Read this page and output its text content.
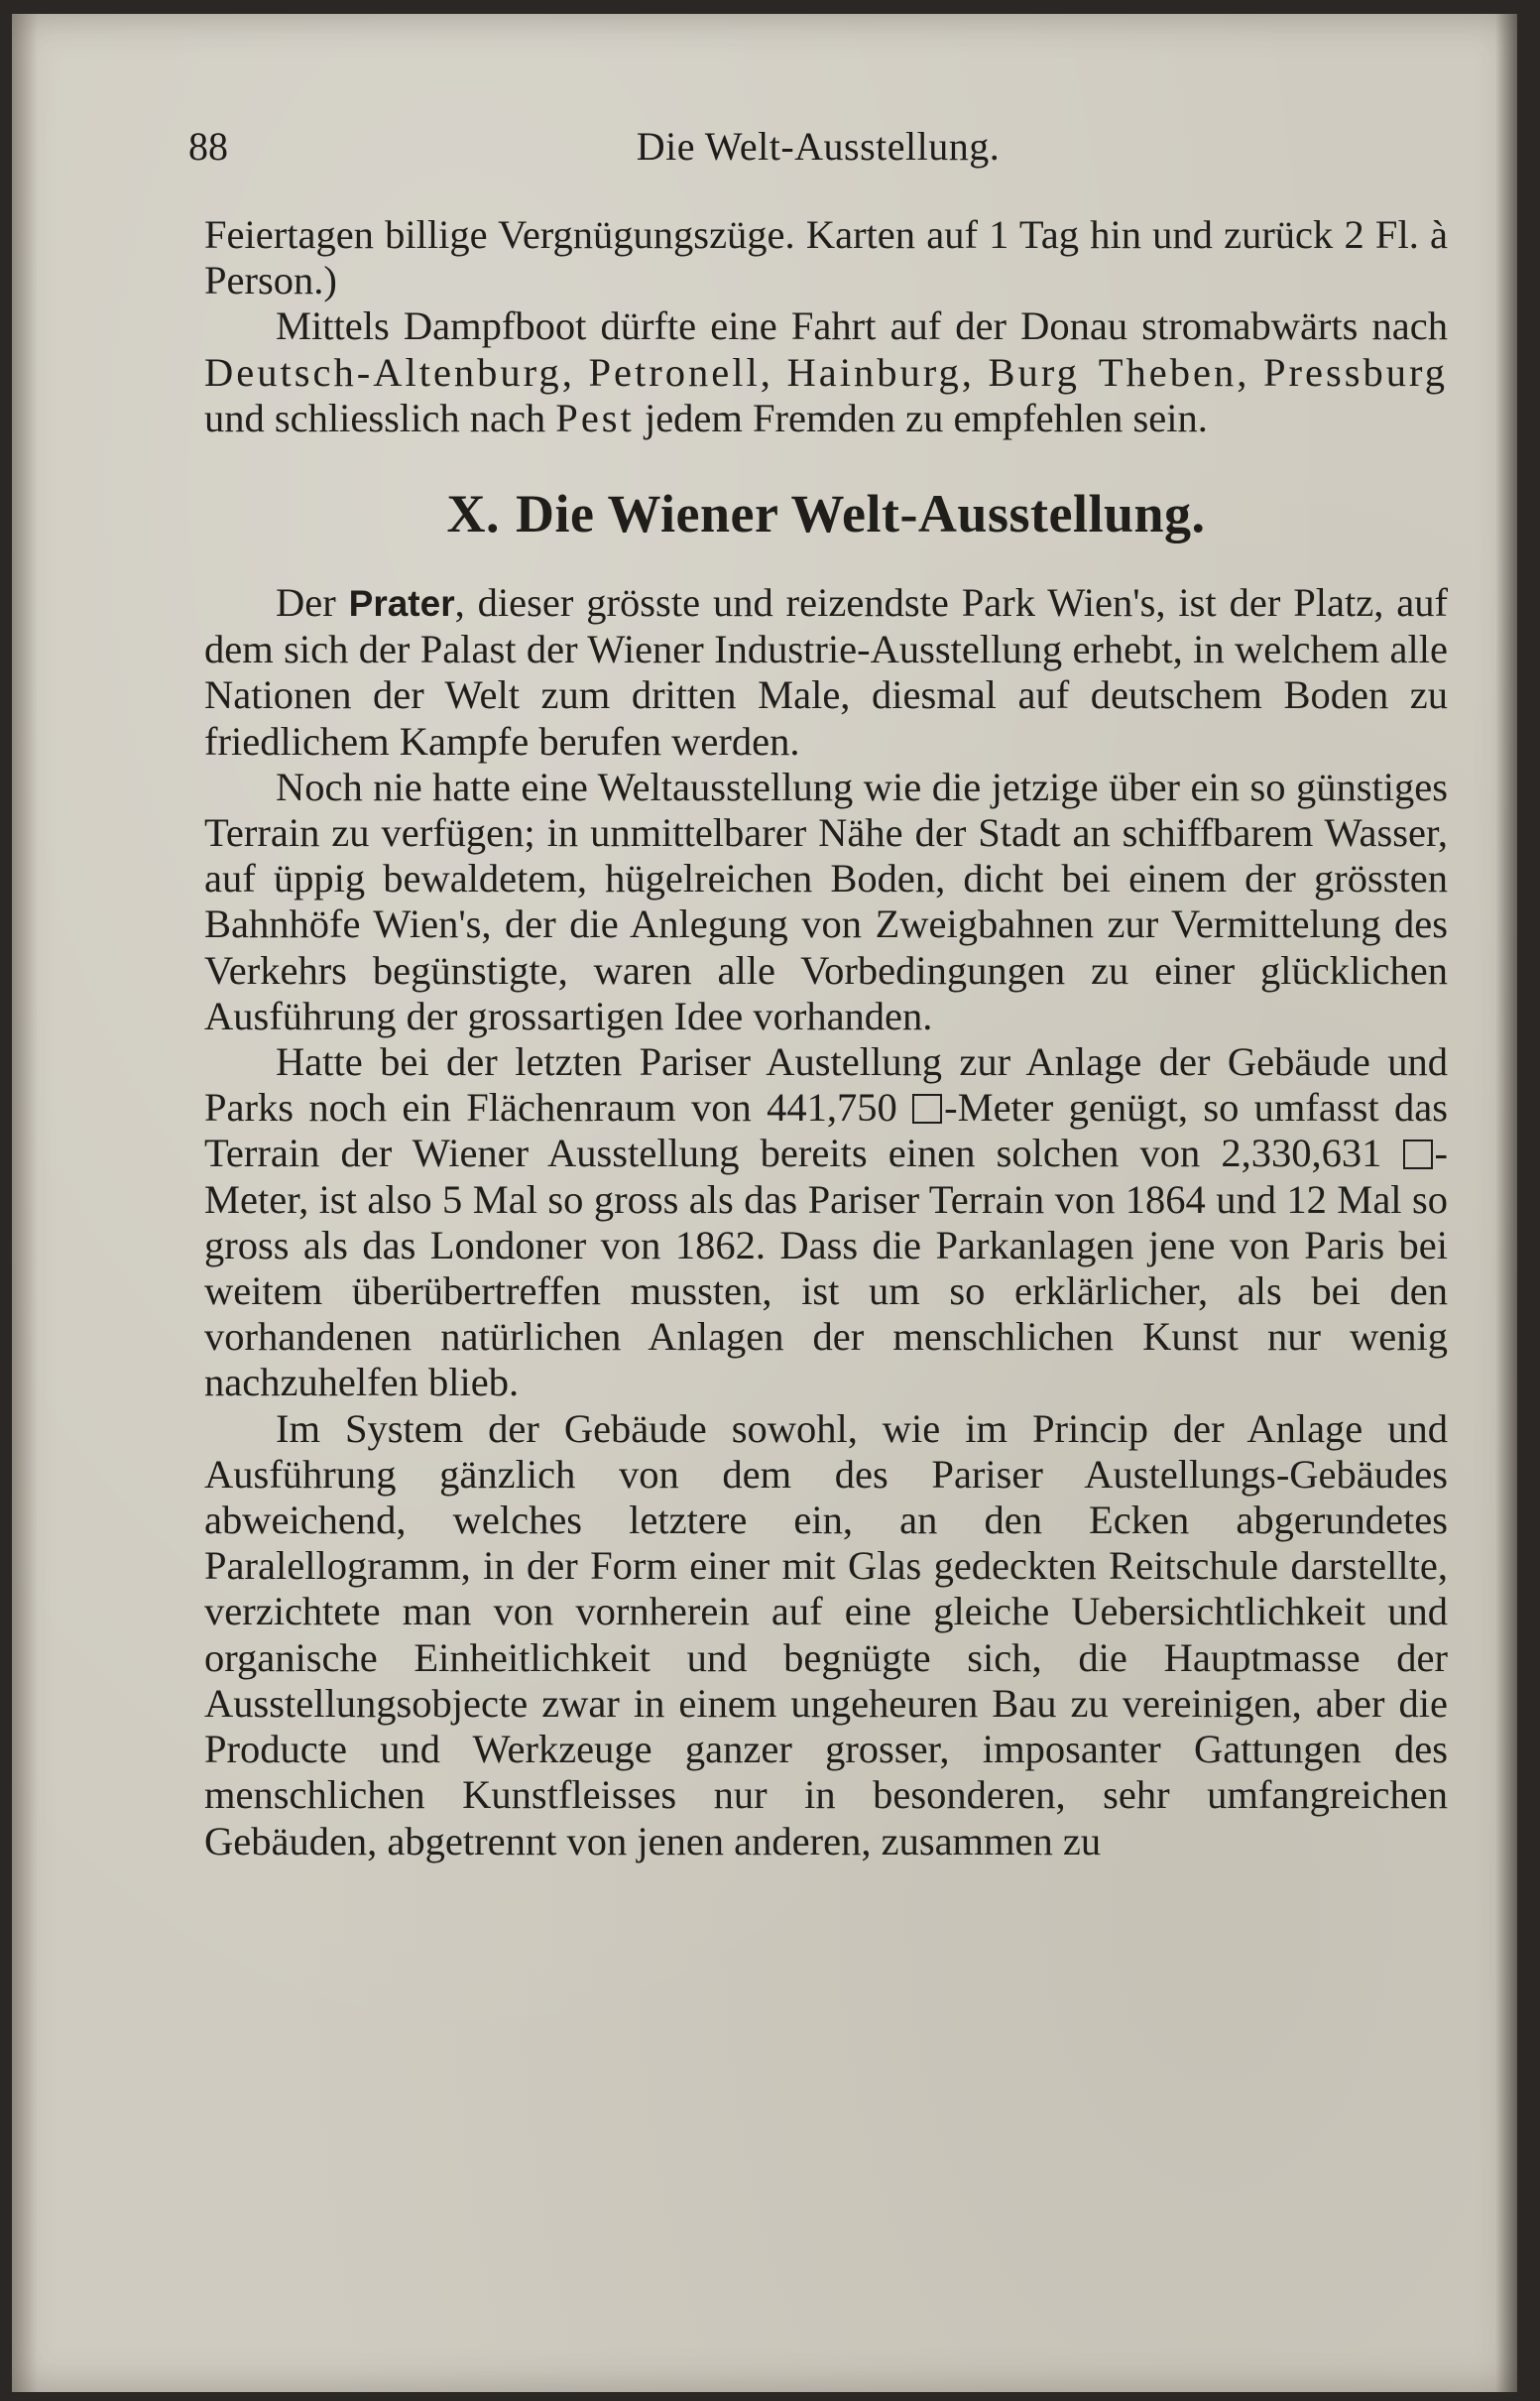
88	Die Welt-Ausstellung.

Feiertagen billige Vergnügungszüge. Karten auf 1 Tag hin und zurück 2 Fl. à Person.)

Mittels Dampfboot dürfte eine Fahrt auf der Donau stromabwärts nach Deutsch-Altenburg, Petronell, Hainburg, Burg Theben, Pressburg und schliesslich nach Pest jedem Fremden zu empfehlen sein.

X. Die Wiener Welt-Ausstellung.

Der Prater, dieser grösste und reizendste Park Wien's, ist der Platz, auf dem sich der Palast der Wiener Industrie-Ausstellung erhebt, in welchem alle Nationen der Welt zum dritten Male, diesmal auf deutschem Boden zu friedlichem Kampfe berufen werden.

Noch nie hatte eine Weltausstellung wie die jetzige über ein so günstiges Terrain zu verfügen; in unmittelbarer Nähe der Stadt an schiffbarem Wasser, auf üppig bewaldetem, hügelreichen Boden, dicht bei einem der grössten Bahnhöfe Wien's, der die Anlegung von Zweigbahnen zur Vermittelung des Verkehrs begünstigte, waren alle Vorbedingungen zu einer glücklichen Ausführung der grossartigen Idee vorhanden.

Hatte bei der letzten Pariser Austellung zur Anlage der Gebäude und Parks noch ein Flächenraum von 441,750 -Meter genügt, so umfasst das Terrain der Wiener Ausstellung bereits einen solchen von 2,330,631 -Meter, ist also 5 Mal so gross als das Pariser Terrain von 1864 und 12 Mal so gross als das Londoner von 1862. Dass die Parkanlagen jene von Paris bei weitem überübertreffen mussten, ist um so erklärlicher, als bei den vorhandenen natürlichen Anlagen der menschlichen Kunst nur wenig nachzuhelfen blieb.

Im System der Gebäude sowohl, wie im Princip der Anlage und Ausführung gänzlich von dem des Pariser Austellungs-Gebäudes abweichend, welches letztere ein, an den Ecken abgerundetes Paralellogramm, in der Form einer mit Glas gedeckten Reitschule darstellte, verzichtete man von vornherein auf eine gleiche Uebersichtlichkeit und organische Einheitlichkeit und begnügte sich, die Hauptmasse der Ausstellungsobjecte zwar in einem ungeheuren Bau zu vereinigen, aber die Producte und Werkzeuge ganzer grosser, imposanter Gattungen des menschlichen Kunstfleisses nur in besonderen, sehr umfangreichen Gebäuden, abgetrennt von jenen anderen, zusammen zu
